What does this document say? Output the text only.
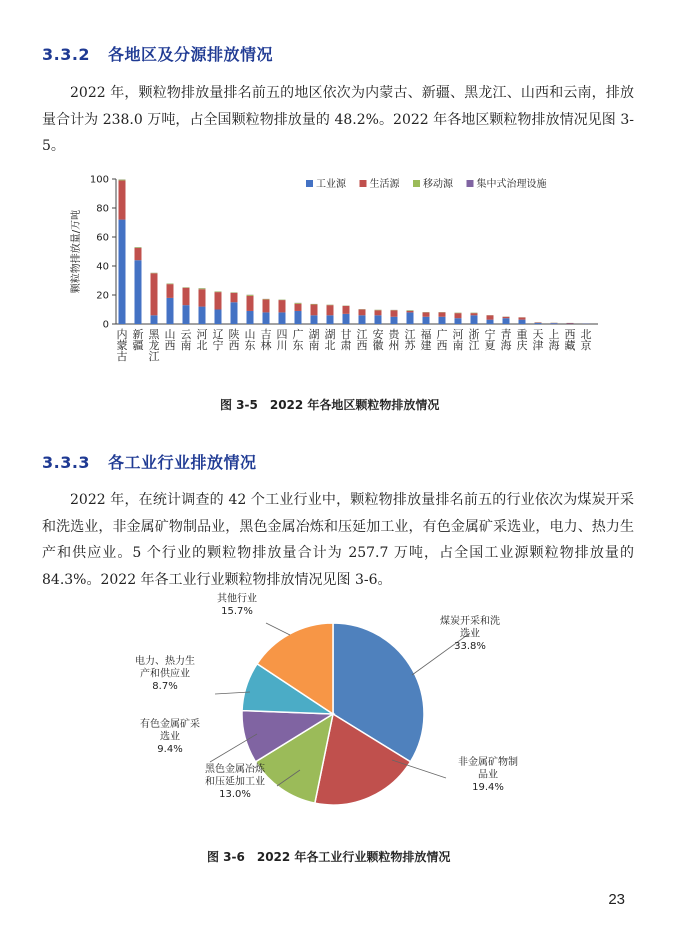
3.3.2 各地区及分源排放情况

2022 年，颗粒物排放量排名前五的地区依次为内蒙古、新疆、黑龙江、山西和云南，排放量合计为 238.0 万吨，占全国颗粒物排放量的 48.2%。2022 年各地区颗粒物排放情况见图 3-5。

颗粒物排放量/万吨
0
20
40
60
80
100
内蒙古
新疆
黑龙江
山西
云南
河北
辽宁
陕西
山东
吉林
四川
广东
湖南
湖北
甘肃
江西
安徽
贵州
江苏
福建
广西
河南
浙江
宁夏
青海
重庆
天津
上海
西藏
北京
工业源 生活源 移动源 集中式治理设施
图 3-5　2022 年各地区颗粒物排放情况
3.3.3 各工业行业排放情况

2022 年，在统计调查的 42 个工业行业中，颗粒物排放量排名前五的行业依次为煤炭开采和洗选业，非金属矿物制品业，黑色金属冶炼和压延加工业，有色金属矿采选业，电力、热力生产和供应业。5 个行业的颗粒物排放量合计为 257.7 万吨，占全国工业源颗粒物排放量的 84.3%。2022 年各工业行业颗粒物排放情况见图 3-6。

煤炭开采和洗
选业
33.8%
非金属矿物制
品业
19.4%
黑色金属冶炼
和压延加工业
13.0%
有色金属矿采
选业
9.4%
电力、热力生
产和供应业
8.7%
其他行业
15.7%
图 3-6　2022 年各工业行业颗粒物排放情况
23
